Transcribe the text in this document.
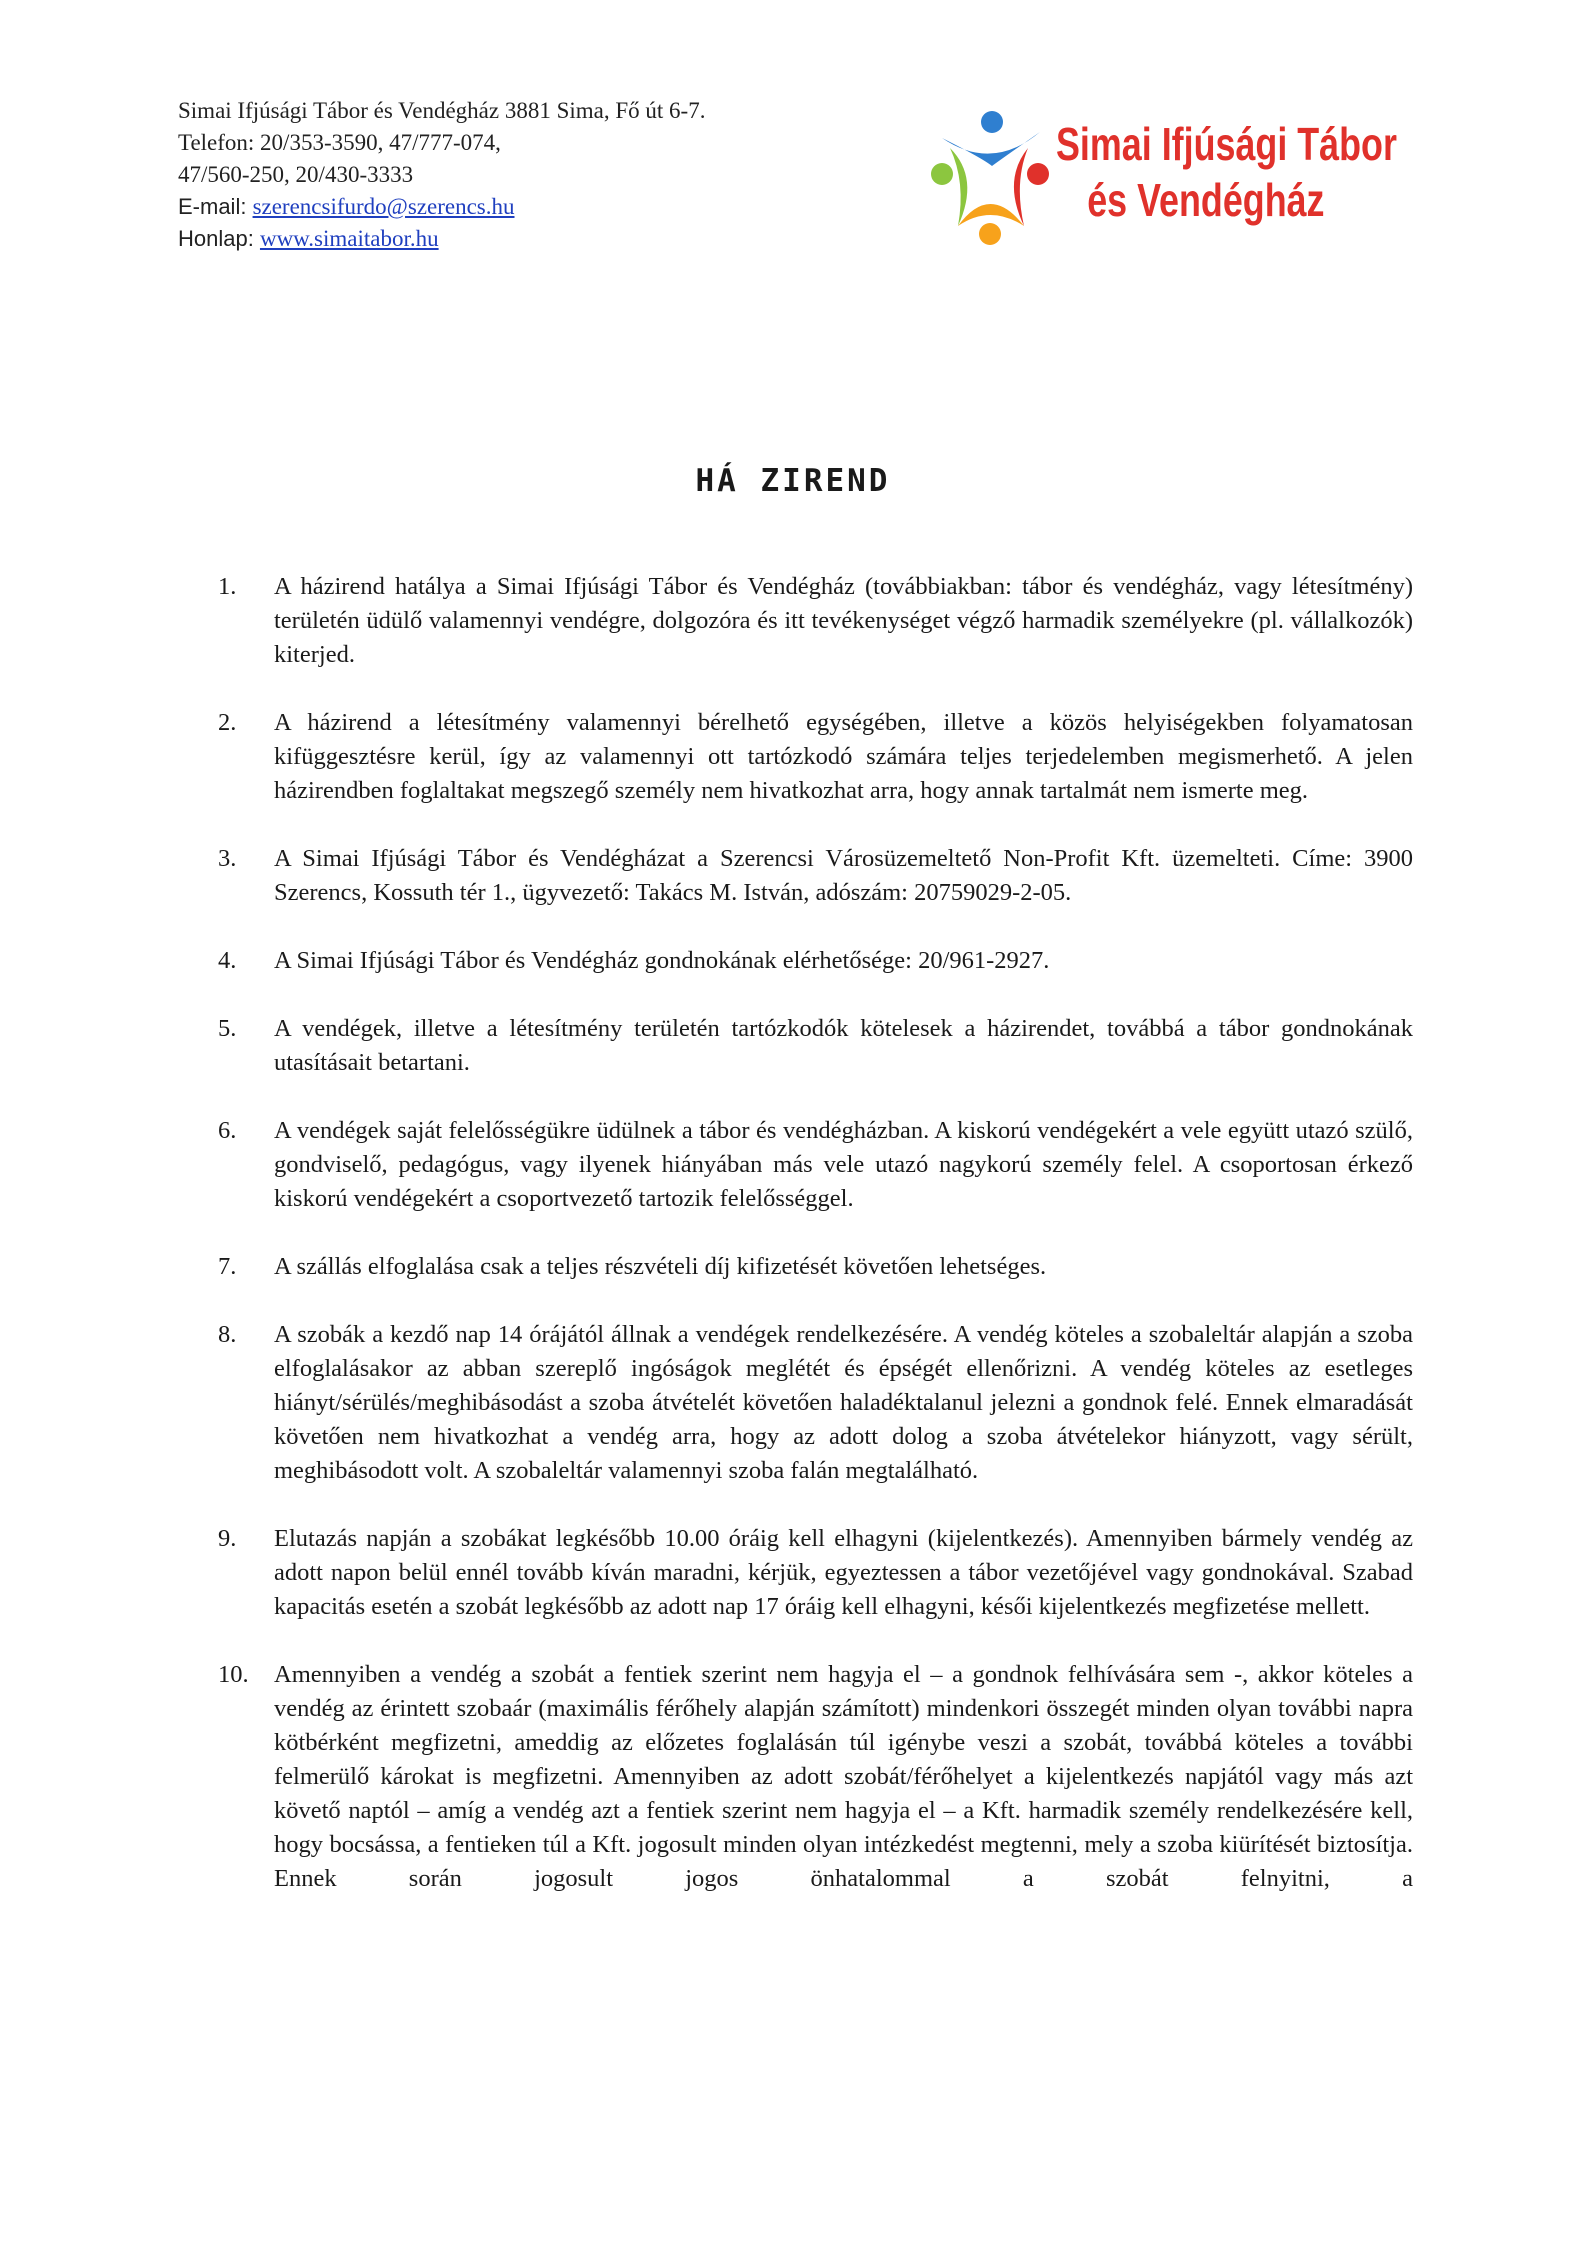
Simai Ifjúsági Tábor és Vendégház 3881 Sima, Fő út 6-7.
Telefon: 20/353-3590, 47/777-074,
47/560-250, 20/430-3333
E-mail: szerencsifurdo@szerencs.hu
Honlap: www.simaitabor.hu
Simai Ifjúsági Tábor
és Vendégház
HÁ ZIREND
1.	A házirend hatálya a Simai Ifjúsági Tábor és Vendégház (továbbiakban: tábor és vendégház, vagy létesítmény) területén üdülő valamennyi vendégre, dolgozóra és itt tevékenységet végző harmadik személyekre (pl. vállalkozók) kiterjed.
2.	A házirend a létesítmény valamennyi bérelhető egységében, illetve a közös helyiségekben folyamatosan kifüggesztésre kerül, így az valamennyi ott tartózkodó számára teljes terjedelemben megismerhető. A jelen házirendben foglaltakat megszegő személy nem hivatkozhat arra, hogy annak tartalmát nem ismerte meg.
3.	A Simai Ifjúsági Tábor és Vendégházat a Szerencsi Városüzemeltető Non-Profit Kft. üzemelteti. Címe: 3900 Szerencs, Kossuth tér 1., ügyvezető: Takács M. István, adószám: 20759029-2-05.
4.	A Simai Ifjúsági Tábor és Vendégház gondnokának elérhetősége: 20/961-2927.
5.	A vendégek, illetve a létesítmény területén tartózkodók kötelesek a házirendet, továbbá a tábor gondnokának utasításait betartani.
6.	A vendégek saját felelősségükre üdülnek a tábor és vendégházban. A kiskorú vendégekért a vele együtt utazó szülő, gondviselő, pedagógus, vagy ilyenek hiányában más vele utazó nagykorú személy felel. A csoportosan érkező kiskorú vendégekért a csoportvezető tartozik felelősséggel.
7.	A szállás elfoglalása csak a teljes részvételi díj kifizetését követően lehetséges.
8.	A szobák a kezdő nap 14 órájától állnak a vendégek rendelkezésére. A vendég köteles a szobaleltár alapján a szoba elfoglalásakor az abban szereplő ingóságok meglétét és épségét ellenőrizni. A vendég köteles az esetleges hiányt/sérülés/meghibásodást a szoba átvételét követően haladéktalanul jelezni a gondnok felé. Ennek elmaradását követően nem hivatkozhat a vendég arra, hogy az adott dolog a szoba átvételekor hiányzott, vagy sérült, meghibásodott volt. A szobaleltár valamennyi szoba falán megtalálható.
9.	Elutazás napján a szobákat legkésőbb 10.00 óráig kell elhagyni (kijelentkezés). Amennyiben bármely vendég az adott napon belül ennél tovább kíván maradni, kérjük, egyeztessen a tábor vezetőjével vagy gondnokával. Szabad kapacitás esetén a szobát legkésőbb az adott nap 17 óráig kell elhagyni, késői kijelentkezés megfizetése mellett.
10.	Amennyiben a vendég a szobát a fentiek szerint nem hagyja el – a gondnok felhívására sem -, akkor köteles a vendég az érintett szobaár (maximális férőhely alapján számított) mindenkori összegét minden olyan további napra kötbérként megfizetni, ameddig az előzetes foglalásán túl igénybe veszi a szobát, továbbá köteles a további felmerülő károkat is megfizetni. Amennyiben az adott szobát/férőhelyet a kijelentkezés napjától vagy más azt követő naptól – amíg a vendég azt a fentiek szerint nem hagyja el – a Kft. harmadik személy rendelkezésére kell, hogy bocsássa, a fentieken túl a Kft. jogosult minden olyan intézkedést megtenni, mely a szoba kiürítését biztosítja. Ennek során jogosult jogos önhatalommal a szobát felnyitni, a
